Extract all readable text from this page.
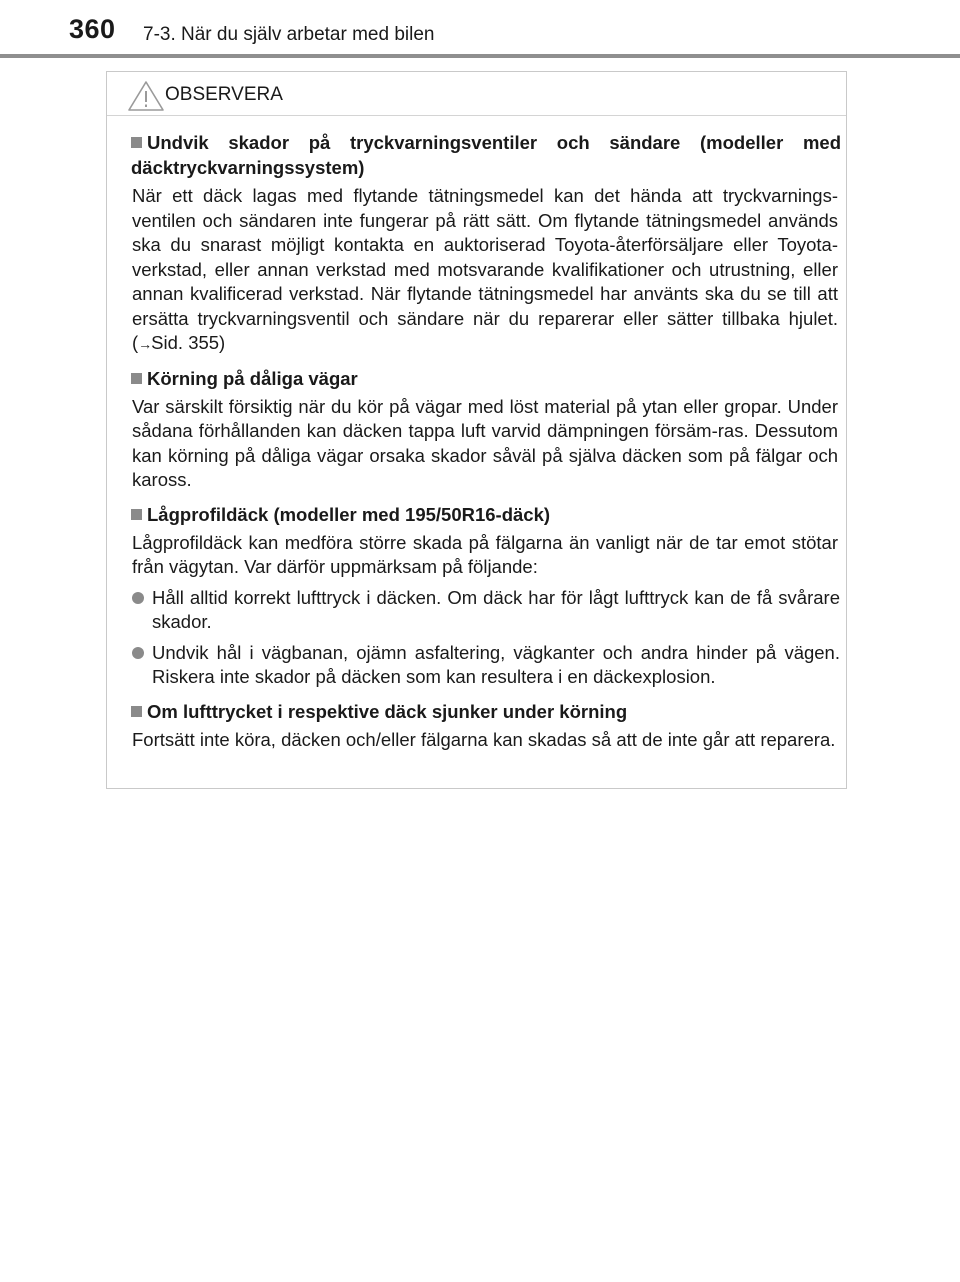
360 7-3. När du själv arbetar med bilen
OBSERVERA
Undvik skador på tryckvarningsventiler och sändare (modeller med däcktryckvarningssystem)
När ett däck lagas med flytande tätningsmedel kan det hända att tryckvarnings-ventilen och sändaren inte fungerar på rätt sätt. Om flytande tätningsmedel används ska du snarast möjligt kontakta en auktoriserad Toyota-återförsäljare eller Toyota-verkstad, eller annan verkstad med motsvarande kvalifikationer och utrustning, eller annan kvalificerad verkstad. När flytande tätningsmedel har använts ska du se till att ersätta tryckvarningsventil och sändare när du reparerar eller sätter tillbaka hjulet. (→Sid. 355)
Körning på dåliga vägar
Var särskilt försiktig när du kör på vägar med löst material på ytan eller gropar. Under sådana förhållanden kan däcken tappa luft varvid dämpningen försäm-ras. Dessutom kan körning på dåliga vägar orsaka skador såväl på själva däcken som på fälgar och kaross.
Lågprofildäck (modeller med 195/50R16-däck)
Lågprofildäck kan medföra större skada på fälgarna än vanligt när de tar emot stötar från vägytan. Var därför uppmärksam på följande:
Håll alltid korrekt lufttryck i däcken. Om däck har för lågt lufttryck kan de få svårare skador.
Undvik hål i vägbanan, ojämn asfaltering, vägkanter och andra hinder på vägen. Riskera inte skador på däcken som kan resultera i en däckexplosion.
Om lufttrycket i respektive däck sjunker under körning
Fortsätt inte köra, däcken och/eller fälgarna kan skadas så att de inte går att reparera.
